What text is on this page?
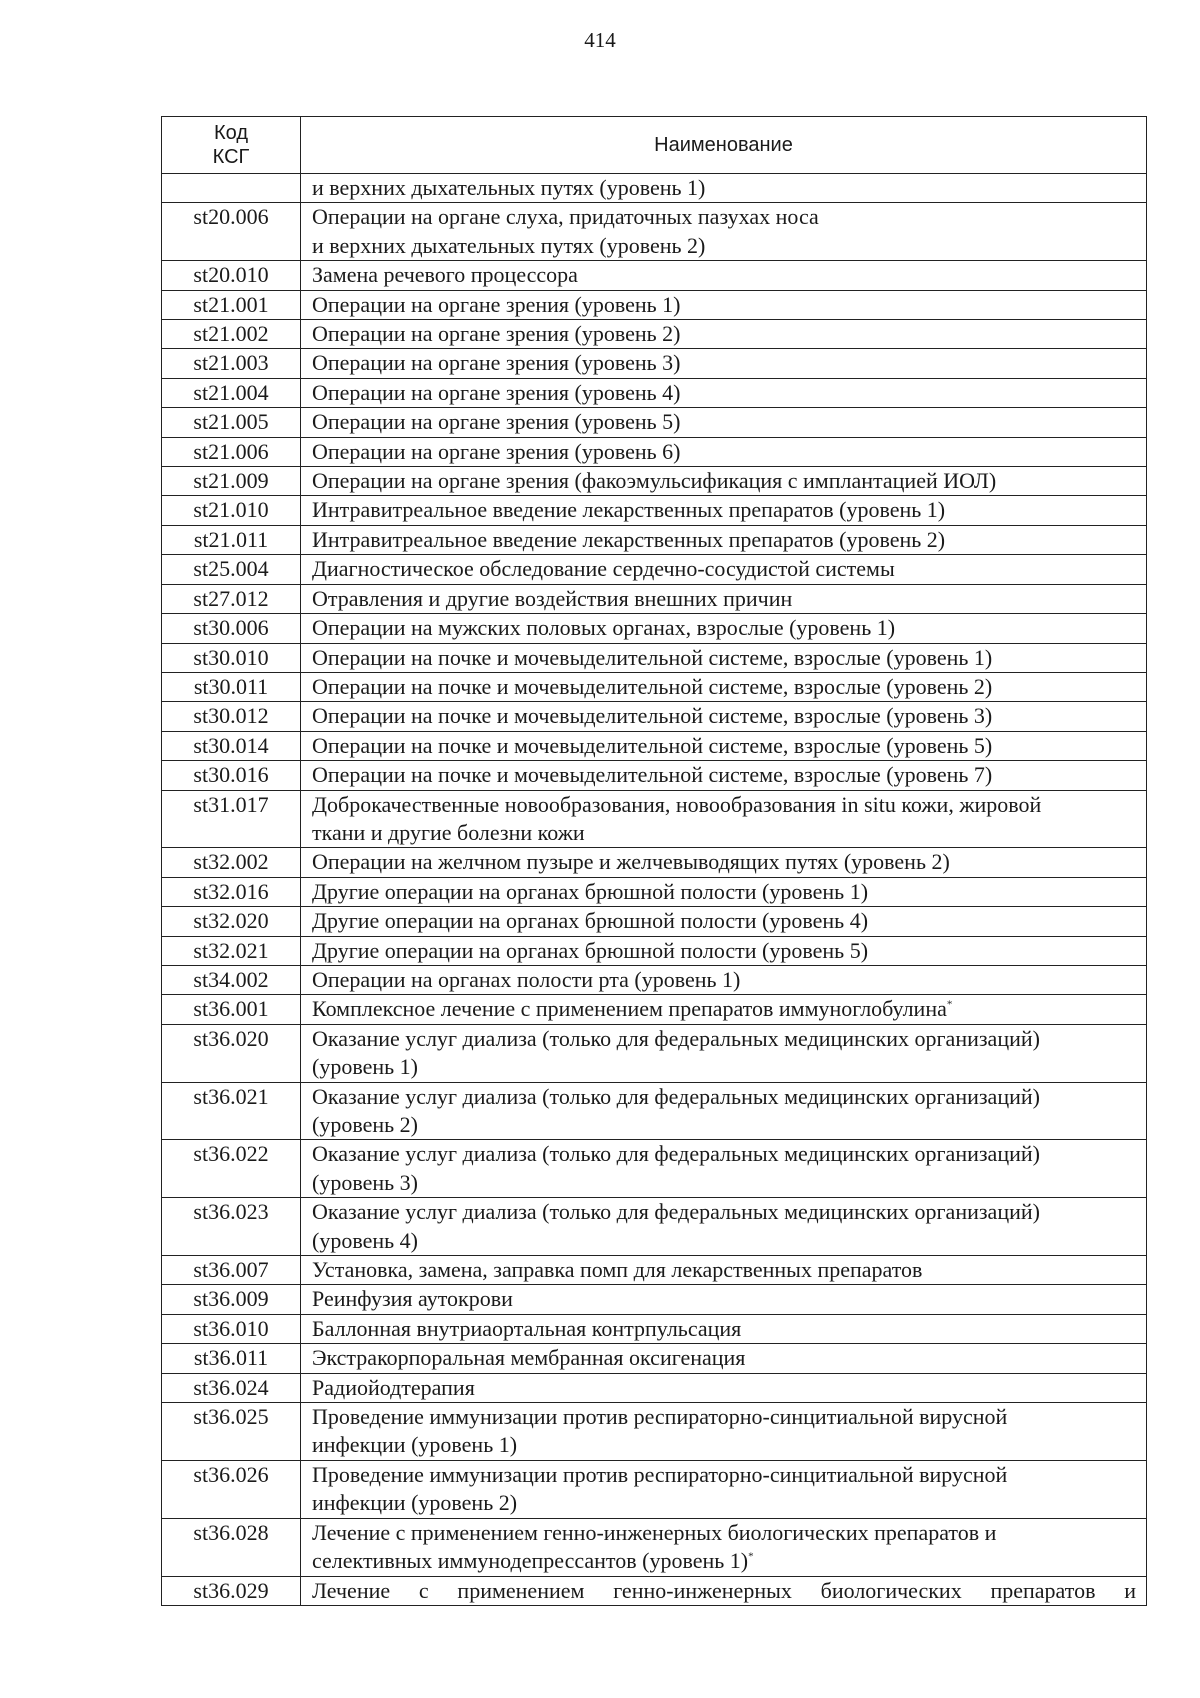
414
Код
КСГ	Наименование
	и верхних дыхательных путях (уровень 1)
st20.006	Операции на органе слуха, придаточных пазухах носа
и верхних дыхательных путях (уровень 2)

st20.010	Замена речевого процессора
st21.001	Операции на органе зрения (уровень 1)
st21.002	Операции на органе зрения (уровень 2)
st21.003	Операции на органе зрения (уровень 3)
st21.004	Операции на органе зрения (уровень 4)
st21.005	Операции на органе зрения (уровень 5)
st21.006	Операции на органе зрения (уровень 6)
st21.009	Операции на органе зрения (факоэмульсификация с имплантацией ИОЛ)
st21.010	Интравитреальное введение лекарственных препаратов (уровень 1)
st21.011	Интравитреальное введение лекарственных препаратов (уровень 2)
st25.004	Диагностическое обследование сердечно-сосудистой системы
st27.012	Отравления и другие воздействия внешних причин
st30.006	Операции на мужских половых органах, взрослые (уровень 1)
st30.010	Операции на почке и мочевыделительной системе, взрослые (уровень 1)
st30.011	Операции на почке и мочевыделительной системе, взрослые (уровень 2)
st30.012	Операции на почке и мочевыделительной системе, взрослые (уровень 3)
st30.014	Операции на почке и мочевыделительной системе, взрослые (уровень 5)
st30.016	Операции на почке и мочевыделительной системе, взрослые (уровень 7)
st31.017	Доброкачественные новообразования, новообразования in situ кожи, жировой
ткани и другие болезни кожи

st32.002	Операции на желчном пузыре и желчевыводящих путях (уровень 2)
st32.016	Другие операции на органах брюшной полости (уровень 1)
st32.020	Другие операции на органах брюшной полости (уровень 4)
st32.021	Другие операции на органах брюшной полости (уровень 5)
st34.002	Операции на органах полости рта (уровень 1)
st36.001	Комплексное лечение с применением препаратов иммуноглобулина*
st36.020	Оказание услуг диализа (только для федеральных медицинских организаций)
(уровень 1)

st36.021	Оказание услуг диализа (только для федеральных медицинских организаций)
(уровень 2)

st36.022	Оказание услуг диализа (только для федеральных медицинских организаций)
(уровень 3)

st36.023	Оказание услуг диализа (только для федеральных медицинских организаций)
(уровень 4)

st36.007	Установка, замена, заправка помп для лекарственных препаратов
st36.009	Реинфузия аутокрови
st36.010	Баллонная внутриаортальная контрпульсация
st36.011	Экстракорпоральная мембранная оксигенация
st36.024	Радиойодтерапия
st36.025	Проведение иммунизации против респираторно-синцитиальной вирусной
инфекции (уровень 1)

st36.026	Проведение иммунизации против респираторно-синцитиальной вирусной
инфекции (уровень 2)

st36.028	Лечение с применением генно-инженерных биологических препаратов и
селективных иммунодепрессантов (уровень 1)*

st36.029	Лечение с применением генно-инженерных биологических препаратов и
